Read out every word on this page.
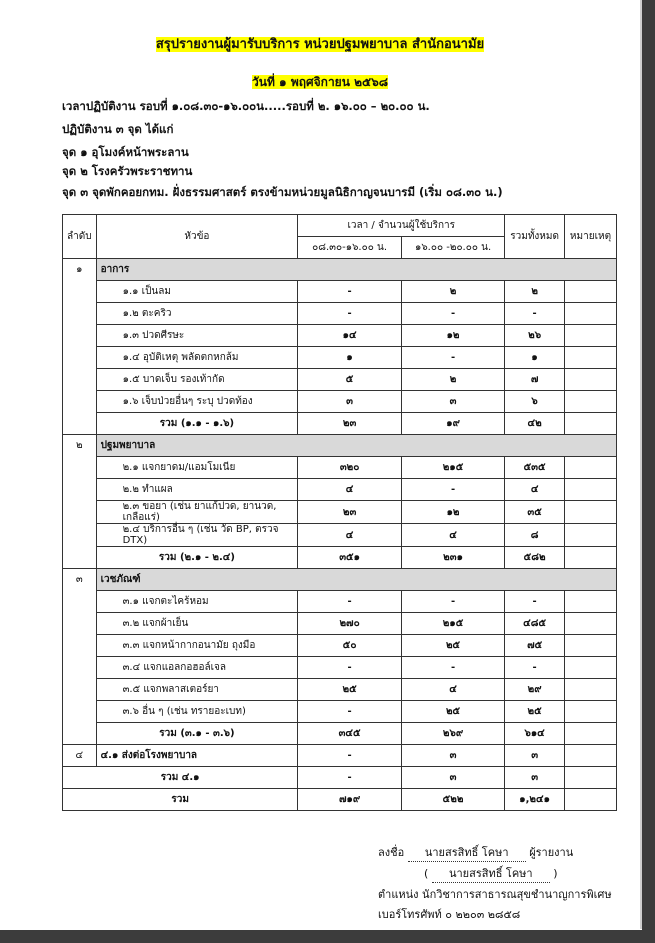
สรุปรายงานผู้มารับบริการ หน่วยปฐมพยาบาล สำนักอนามัย
วันที่ ๑ พฤศจิกายน ๒๕๖๘
เวลาปฏิบัติงาน รอบที่ ๑.๐๘.๓๐-๑๖.๐๐น.....รอบที่ ๒. ๑๖.๐๐ – ๒๐.๐๐ น.
ปฏิบัติงาน ๓ จุด ได้แก่
จุด ๑ อุโมงค์หน้าพระลาน
จุด ๒ โรงครัวพระราชทาน
จุด ๓ จุดพักคอยกทม. ฝั่งธรรมศาสตร์ ตรงข้ามหน่วยมูลนิธิกาญจนบารมี (เริ่ม ๐๘.๓๐ น.)
ลำดับ	หัวข้อ	เวลา / จำนวนผู้ใช้บริการ		รวมทั้งหมด	หมายเหตุ
		๐๘.๓๐-๑๖.๐๐ น.	๑๖.๐๐ -๒๐.๐๐ น.		
๑	อาการ				
	๑.๑ เป็นลม	-	๒	๒	
	๑.๒ ตะคริว	-	-	-	
	๑.๓ ปวดศีรษะ	๑๔	๑๒	๒๖	
	๑.๔ อุบัติเหตุ พลัดตกหกล้ม	๑	-	๑	
	๑.๕ บาดเจ็บ รองเท้ากัด	๕	๒	๗	
	๑.๖ เจ็บป่วยอื่นๆ ระบุ ปวดท้อง	๓	๓	๖	
	รวม (๑.๑ - ๑.๖)	๒๓	๑๙	๔๒	
๒	ปฐมพยาบาล				
	๒.๑ แจกยาดม/แอมโมเนีย	๓๒๐	๒๑๕	๕๓๕	
	๒.๒ ทำแผล	๔	-	๔	
	๒.๓ ขอยา (เช่น ยาแก้ปวด, ยานวด, เกลือแร่)	๒๓	๑๒	๓๕	
	๒.๔ บริการอื่น ๆ (เช่น วัด BP, ตรวจ DTX)	๔	๔	๘	
	รวม (๒.๑ - ๒.๔)	๓๕๑	๒๓๑	๕๘๒	
๓	เวชภัณฑ์				
	๓.๑ แจกตะไคร้หอม	-	-	-	
	๓.๒ แจกผ้าเย็น	๒๗๐	๒๑๕	๔๘๕	
	๓.๓ แจกหน้ากากอนามัย ถุงมือ	๕๐	๒๕	๗๕	
	๓.๔ แจกแอลกอฮอล์เจล	-	-	-	
	๓.๕ แจกพลาสเตอร์ยา	๒๕	๔	๒๙	
	๓.๖ อื่น ๆ (เช่น ทรายอะเบท)	-	๒๕	๒๕	
	รวม (๓.๑ - ๓.๖)	๓๔๕	๒๖๙	๖๑๔	
๔	๔.๑ ส่งต่อโรงพยาบาล	-	๓	๓	
รวม ๔.๑		-	๓	๓	
รวม		๗๑๙	๕๒๒	๑,๒๔๑	
ลงชื่อ นายสรสิทธิ์ โคษา ผู้รายงาน
( นายสรสิทธิ์ โคษา )
ตำแหน่ง นักวิชาการสาธารณสุขชำนาญการพิเศษ
เบอร์โทรศัพท์ ๐ ๒๒๐๓ ๒๘๕๘
